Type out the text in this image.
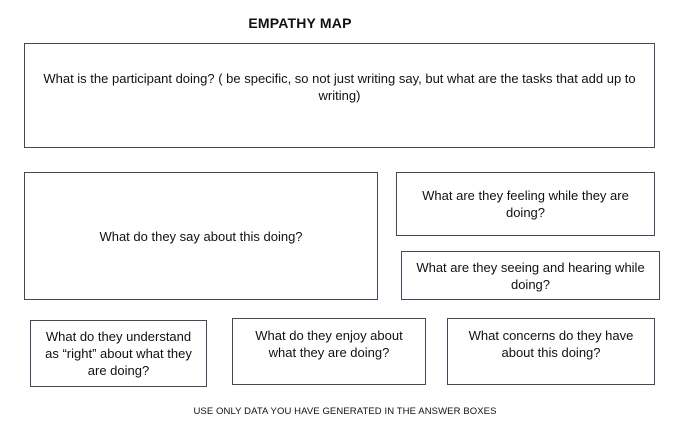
EMPATHY MAP
What is the participant doing? ( be specific, so not just writing say, but what are the tasks that add up to writing)
What do they say about this doing?
What are they feeling while they are doing?
What are they seeing and hearing while doing?
What do they understand as “right” about what they are doing?
What do they enjoy about what they are doing?
What concerns do they have about this doing?
USE ONLY DATA YOU HAVE GENERATED IN THE ANSWER BOXES
